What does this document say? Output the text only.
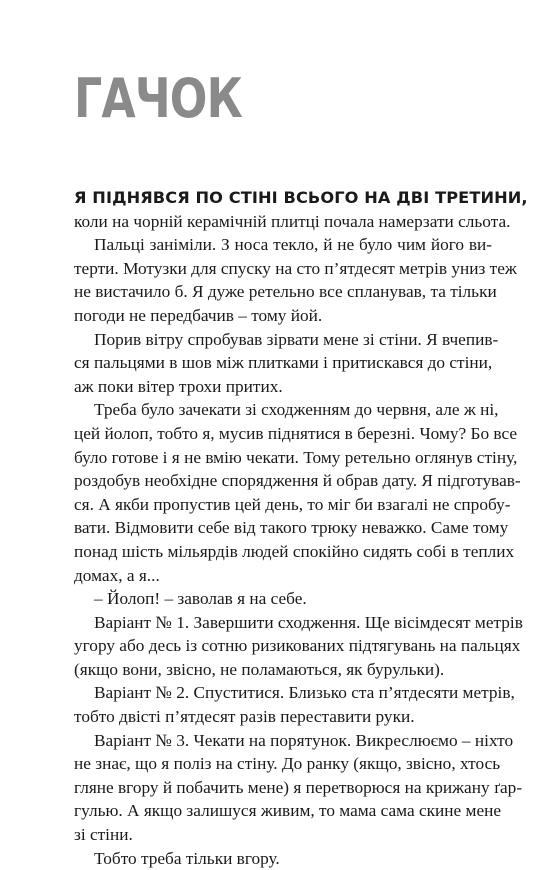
ГАЧОК

Я ПІДНЯВСЯ ПО СТІНІ ВСЬОГО НА ДВІ ТРЕТИНИ,
коли на чорній керамічній плитці почала намерзати сльота.

Пальці заніміли. З носа текло, й не було чим його ви-
терти. Мотузки для спуску на сто п’ятдесят метрів униз теж
не вистачило б. Я дуже ретельно все спланував, та тільки
погоди не передбачив – тому йой.

Порив вітру спробував зірвати мене зі стіни. Я вчепив-
ся пальцями в шов між плитками і притискався до стіни,
аж поки вітер трохи притих.

Треба було зачекати зі сходженням до червня, але ж ні,
цей йолоп, тобто я, мусив піднятися в березні. Чому? Бо все
було готове і я не вмію чекати. Тому ретельно оглянув стіну,
роздобув необхідне спорядження й обрав дату. Я підготував-
ся. А якби пропустив цей день, то міг би взагалі не спробу-
вати. Відмовити себе від такого трюку неважко. Саме тому
понад шість мільярдів людей спокійно сидять собі в теплих
домах, а я...

– Йолоп! – заволав я на себе.

Варіант № 1. Завершити сходження. Ще вісімдесят метрів
угору або десь із сотню ризикованих підтягувань на пальцях
(якщо вони, звісно, не поламаються, як бурульки).

Варіант № 2. Спуститися. Близько ста п’ятдесяти метрів,
тобто двісті п’ятдесят разів переставити руки.

Варіант № 3. Чекати на порятунок. Викреслюємо – ніхто
не знає, що я поліз на стіну. До ранку (якщо, звісно, хтось
гляне вгору й побачить мене) я перетворюся на крижану ґар-
гулью. А якщо залишуся живим, то мама сама скине мене
зі стіни.

Тобто треба тільки вгору.
